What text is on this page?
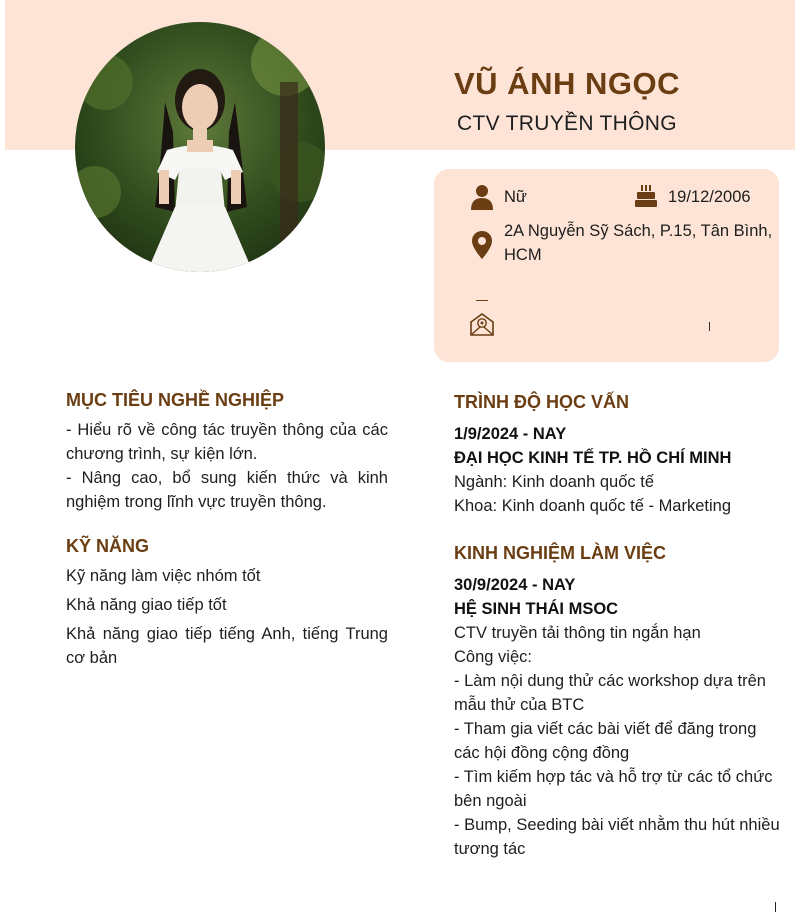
VŨ ÁNH NGỌC
CTV TRUYỀN THÔNG
Nữ	19/12/2006
2A Nguyễn Sỹ Sách, P.15, Tân Bình,
HCM
MỤC TIÊU NGHỀ NGHIỆP
- Hiểu rõ về công tác truyền thông của các chương trình, sự kiện lớn.
- Nâng cao, bổ sung kiến thức và kinh nghiệm trong lĩnh vực truyền thông.
KỸ NĂNG
Kỹ năng làm việc nhóm tốt
Khả năng giao tiếp tốt
Khả năng giao tiếp tiếng Anh, tiếng Trung cơ bản
TRÌNH ĐỘ HỌC VẤN
1/9/2024 - NAY
ĐẠI HỌC KINH TẾ TP. HỒ CHÍ MINH
Ngành: Kinh doanh quốc tế
Khoa: Kinh doanh quốc tế - Marketing
KINH NGHIỆM LÀM VIỆC
30/9/2024 - NAY
HỆ SINH THÁI MSOC
CTV truyền tải thông tin ngắn hạn
Công việc:
- Làm nội dung thử các workshop dựa trên mẫu thử của BTC
- Tham gia viết các bài viết để đăng trong các hội đồng cộng đồng
- Tìm kiếm hợp tác và hỗ trợ từ các tổ chức bên ngoài
- Bump, Seeding bài viết nhằm thu hút nhiều tương tác
